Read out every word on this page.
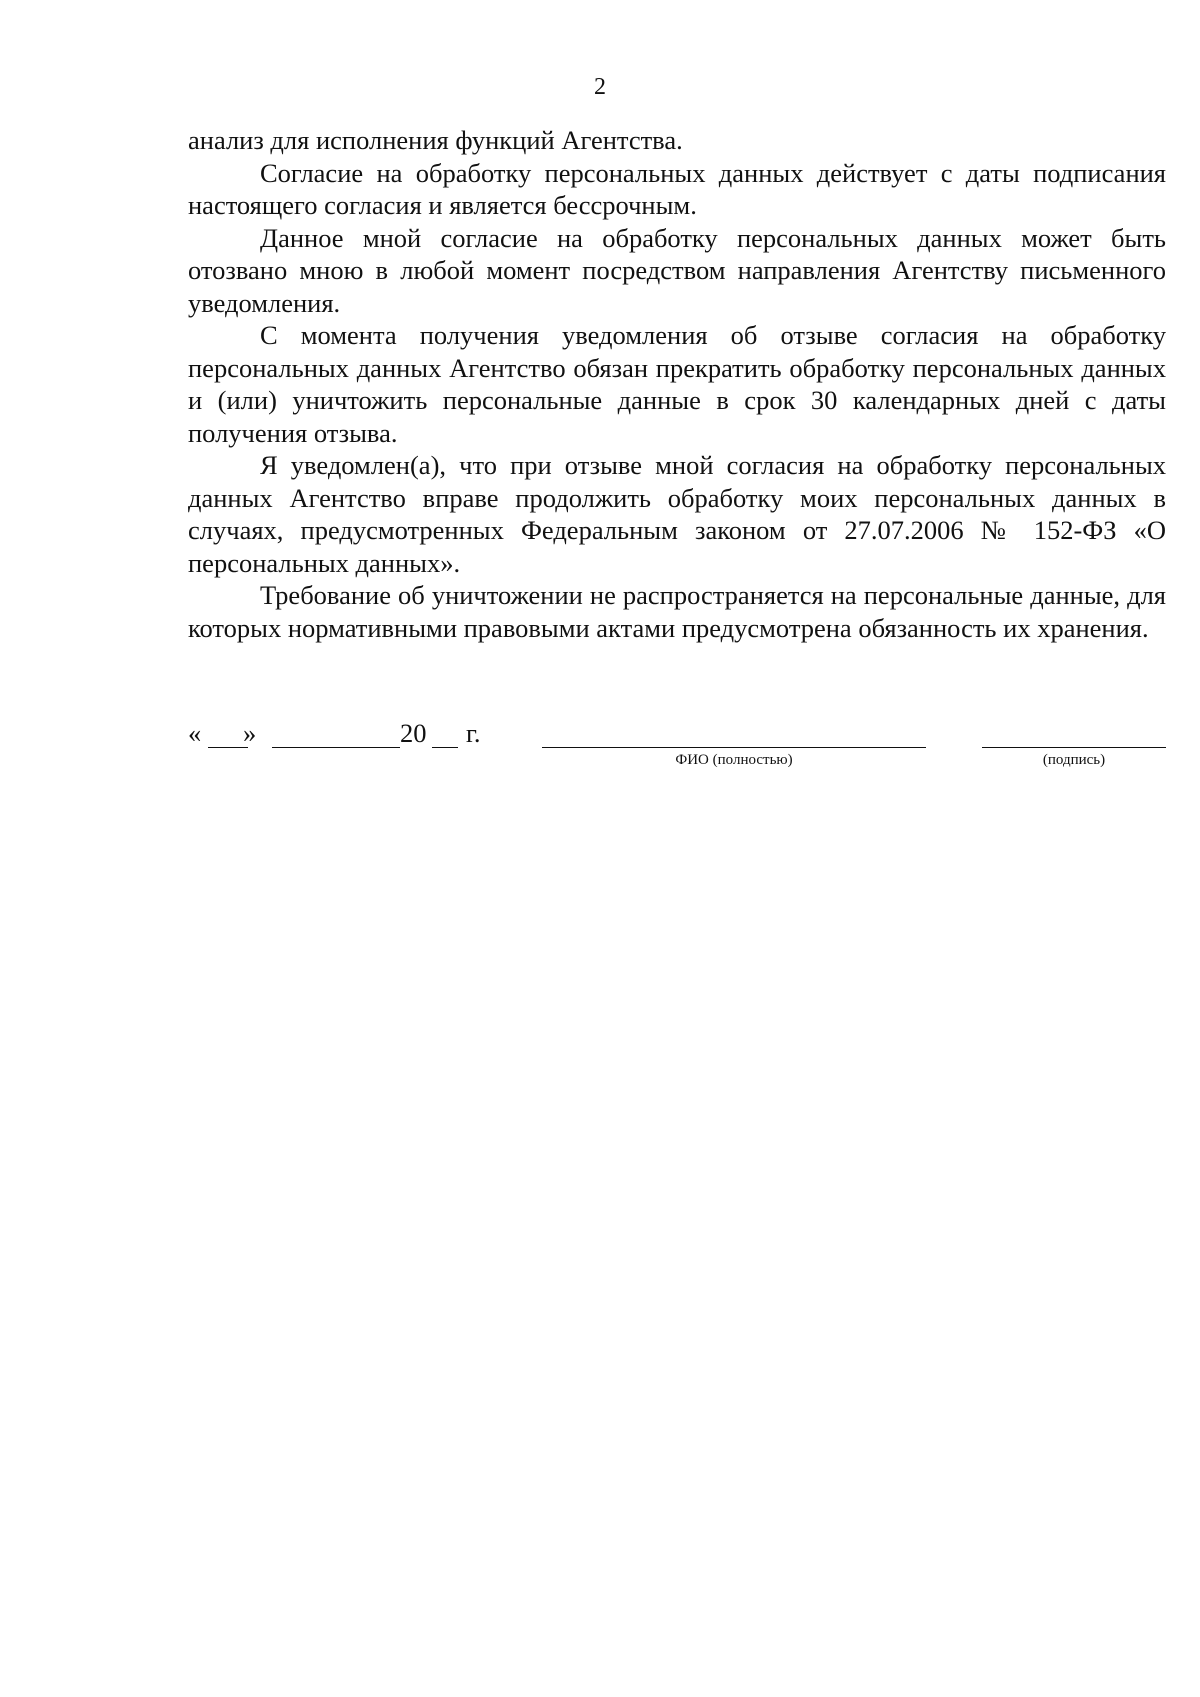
2

анализ для исполнения функций Агентства.

Согласие на обработку персональных данных действует с даты подписания настоящего согласия и является бессрочным.

Данное мной согласие на обработку персональных данных может быть отозвано мною в любой момент посредством направления Агентству письменного уведомления.

С момента получения уведомления об отзыве согласия на обработку персональных данных Агентство обязан прекратить обработку персональных данных и (или) уничтожить персональные данные в срок 30 календарных дней с даты получения отзыва.

Я уведомлен(а), что при отзыве мной согласия на обработку персональных данных Агентство вправе продолжить обработку моих персональных данных в случаях, предусмотренных Федеральным законом от 27.07.2006 № 152-ФЗ «О персональных данных».

Требование об уничтожении не распространяется на персональные данные, для которых нормативными правовыми актами предусмотрена обязанность их хранения.

« »	20 г.
ФИО (полностью)	(подпись)
